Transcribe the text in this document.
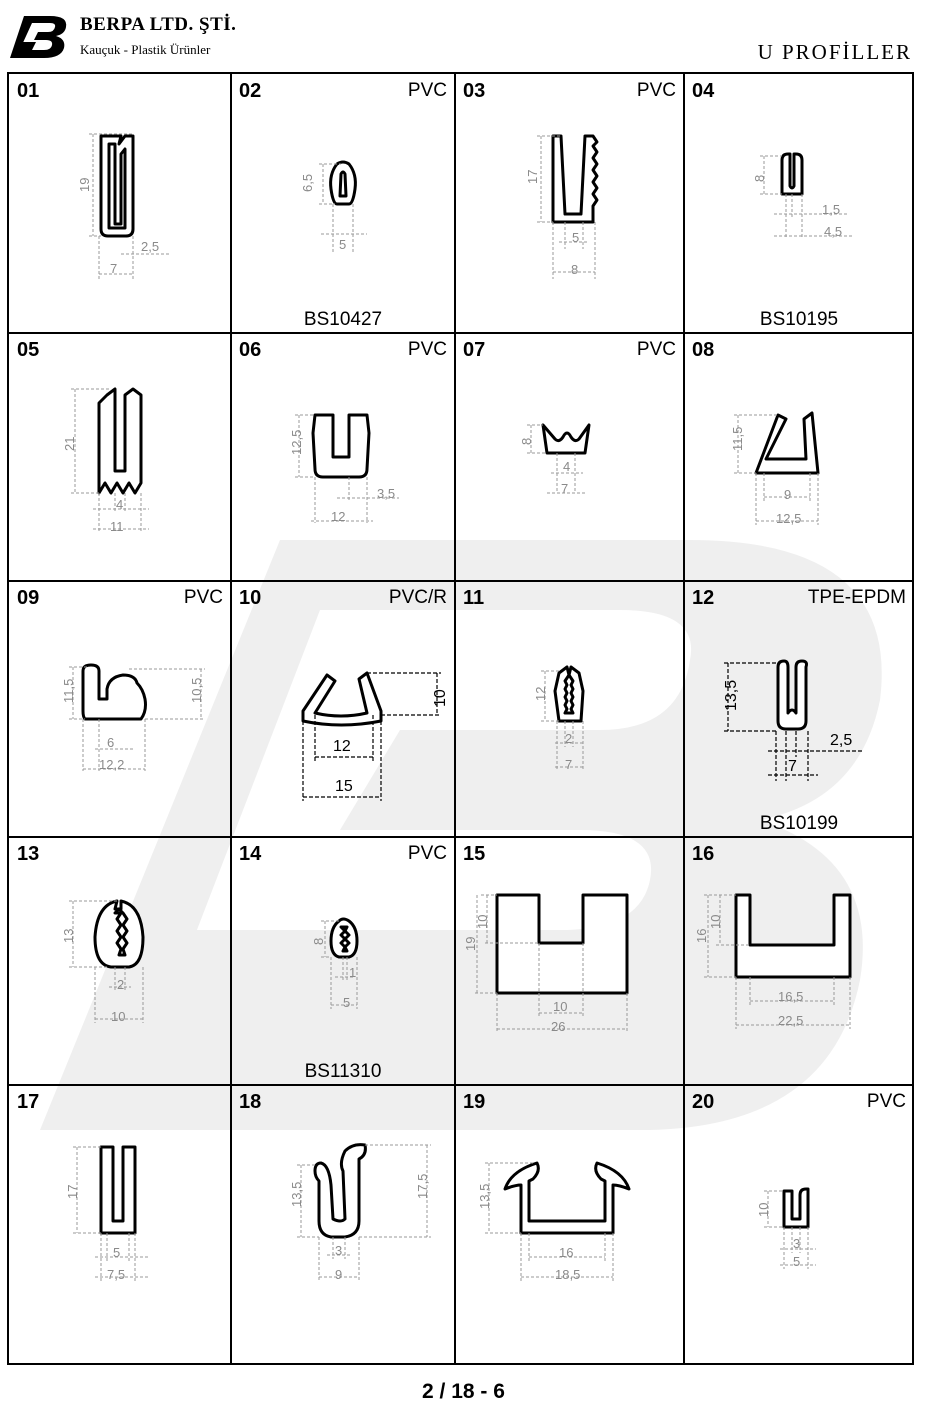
BERPA LTD. ŞTİ.
Kauçuk - Plastik Ürünler	U PROFİLLER
01
19
2,5
7
02	PVC
6,5
5
BS10427
03	PVC
17
5
8
04
8
1,5
4,5
BS10195
05
21
4
11
06	PVC
12,5
3,5
12
07	PVC
8
4
7
08
11,5
9
12,5
09	PVC
11,5	10,5
6
12,2
10	PVC/R
10
12
15
11
12
2
7
12	TPE-EPDM
13,5
2,5
7
BS10199
13
13
2
10
14	PVC
8
1
5
BS11310
15
19
10
10
26
16
16
10
16,5
22,5
17
17
5
7,5
18
13,5	17,5
3
9
19
13,5
16
18,5
20	PVC
10
3
5
2 / 18 - 6
